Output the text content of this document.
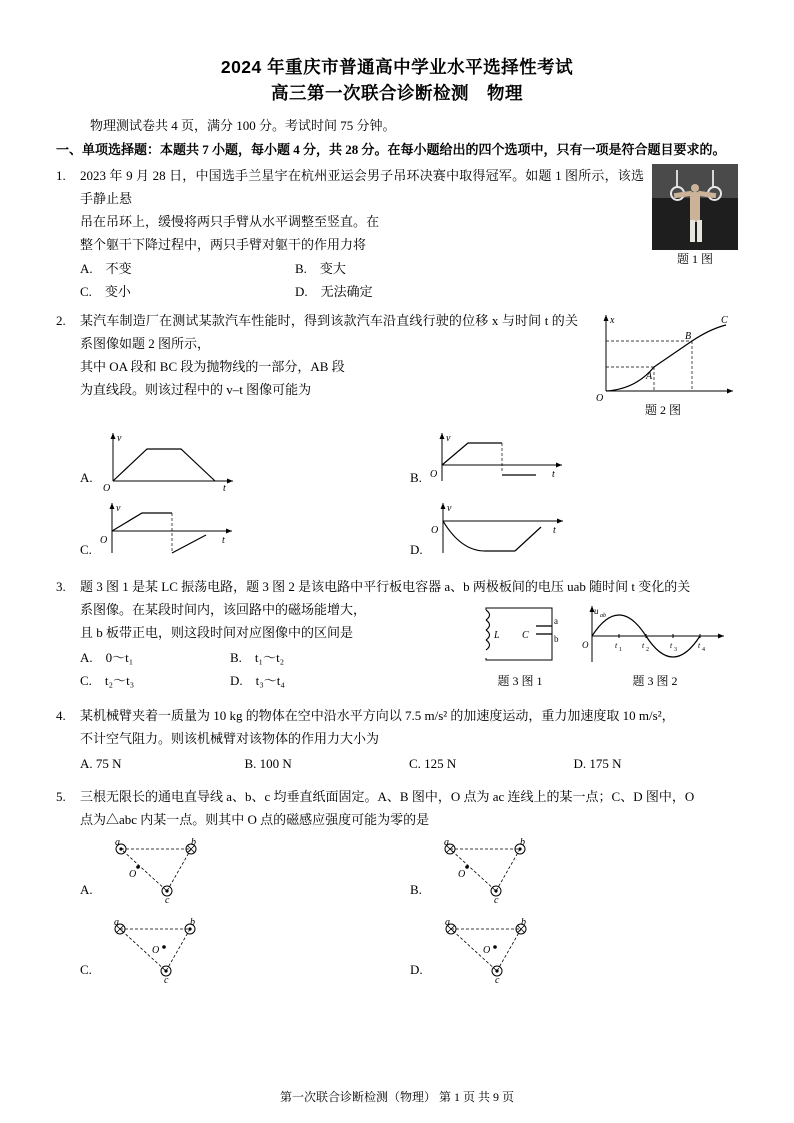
2024 年重庆市普通高中学业水平选择性考试
高三第一次联合诊断检测　物理
物理测试卷共 4 页，满分 100 分。考试时间 75 分钟。
一、单项选择题：本题共 7 小题，每小题 4 分，共 28 分。在每小题给出的四个选项中，只有一项是符合题目要求的。
1.
题 1 图
2023 年 9 月 28 日，中国选手兰星宇在杭州亚运会男子吊环决赛中取得冠军。如题 1 图所示，该选手静止悬
吊在吊环上，缓慢将两只手臂从水平调整至竖直。在
整个躯干下降过程中，两只手臂对躯干的作用力将
A.　不变	B.　变大
C.　变小	D.　无法确定
2.	x
O
A
B
C
题 2 图
某汽车制造厂在测试某款汽车性能时，得到该款汽车沿直线行驶的位移 x 与时间 t 的关系图像如题 2 图所示，
其中 OA 段和 BC 段为抛物线的一部分，AB 段
为直线段。则该过程中的 v–t 图像可能为
A.
v
O	t
B.
v
O	t
C.
v
O	t
D.
v
O	t
3.	题 3 图 1 是某 LC 振荡电路，题 3 图 2 是该电路中平行板电容器 a、b 两极板间的电压 uab 随时间 t 变化的关
系图像。在某段时间内，该回路中的磁场能增大，
且 b 板带正电，则这段时间对应图像中的区间是
A.　0～t₁	B.　t₁～t₂
C.　t₂～t₃	D.　t₃～t₄
L C
a
b
题 3 图 1
u ab
O	t 1	t 2	t 3	t 4
题 3 图 2
4.	某机械臂夹着一质量为 10 kg 的物体在空中沿水平方向以 7.5 m/s² 的加速度运动，重力加速度取 10 m/s²，
不计空气阻力。则该机械臂对该物体的作用力大小为
A. 75 N	B. 100 N	C. 125 N	D. 175 N
5.	三根无限长的通电直导线 a、b、c 均垂直纸面固定。A、B 图中，O 点为 ac 连线上的某一点；C、D 图中，O
点为△abc 内某一点。则其中 O 点的磁感应强度可能为零的是
A.
a	b
c
O
B.
a	b
c
O
C.
a	b
c
O
D.
a	b
c
O
第一次联合诊断检测（物理） 第 1 页 共 9 页
